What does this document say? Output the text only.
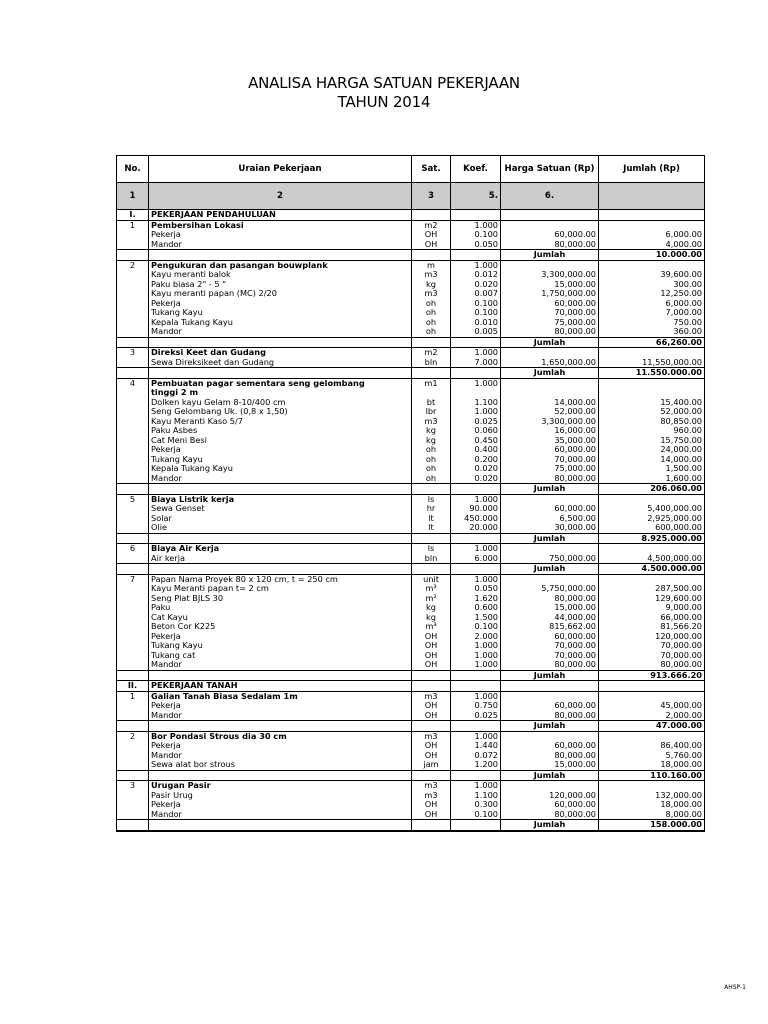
ANALISA HARGA SATUAN PEKERJAAN
TAHUN 2014
No.	Uraian Pekerjaan	Sat.	Koef.	Harga Satuan (Rp)	Jumlah (Rp)
1	2	3	5.	6.	
I.	PEKERJAAN PENDAHULUAN				
1	Pembersihan Lokasi	m2	1.000		
	Pekerja	OH	0.100	60,000.00	6,000.00
	Mandor	OH	0.050	80,000.00	4,000.00
				Jumlah	10.000.00
2	Pengukuran dan pasangan bouwplank	m	1.000		
	Kayu meranti balok	m3	0.012	3,300,000.00	39,600.00
	Paku biasa 2" - 5 "	kg	0.020	15,000.00	300.00
	Kayu meranti papan (MC) 2/20	m3	0.007	1,750,000.00	12,250.00
	Pekerja	oh	0.100	60,000.00	6,000.00
	Tukang Kayu	oh	0.100	70,000.00	7,000.00
	Kepala Tukang Kayu	oh	0.010	75,000.00	750.00
	Mandor	oh	0.005	80,000.00	360.00
				Jumlah	66,260.00
3	Direksi Keet dan Gudang	m2	1.000		
	Sewa Direksikeet dan Gudang	bln	7.000	1,650,000.00	11,550,000.00
				Jumlah	11.550.000.00
4	Pembuatan pagar sementara seng gelombang	m1	1.000		
	tinggi 2 m				
	Dolken kayu Gelam 8-10/400 cm	bt	1.100	14,000.00	15,400.00
	Seng Gelombang Uk. (0,8 x 1,50)	lbr	1.000	52,000.00	52,000.00
	Kayu Meranti Kaso 5/7	m3	0.025	3,300,000.00	80,850.00
	Paku Asbes	kg	0.060	16,000.00	960.00
	Cat Meni Besi	kg	0.450	35,000.00	15,750.00
	Pekerja	oh	0.400	60,000.00	24,000.00
	Tukang Kayu	oh	0.200	70,000.00	14,000.00
	Kepala Tukang Kayu	oh	0.020	75,000.00	1,500.00
	Mandor	oh	0.020	80,000.00	1,600.00
				Jumlah	206.060.00
5	Biaya Listrik kerja	ls	1.000		
	Sewa Genset	hr	90.000	60,000.00	5,400,000.00
	Solar	lt	450.000	6,500.00	2,925,000.00
	Olie	lt	20.000	30,000.00	600,000.00
				Jumlah	8.925.000.00
6	Biaya Air Kerja	ls	1.000		
	Air kerja	bln	6.000	750,000.00	4,500,000.00
				Jumlah	4.500.000.00
7	Papan Nama Proyek 80 x 120 cm, t = 250 cm	unit	1.000		
	Kayu Meranti papan t= 2 cm	m³	0.050	5,750,000.00	287,500.00
	Seng Plat BJLS 30	m²	1.620	80,000.00	129,600.00
	Paku	kg	0.600	15,000.00	9,000.00
	Cat Kayu	kg	1.500	44,000.00	66,000.00
	Beton Cor K225	m³	0.100	815,662.00	81,566.20
	Pekerja	OH	2.000	60,000.00	120,000.00
	Tukang Kayu	OH	1.000	70,000.00	70,000.00
	Tukang cat	OH	1.000	70,000.00	70,000.00
	Mandor	OH	1.000	80,000.00	80,000.00
				Jumlah	913.666.20
II.	PEKERJAAN TANAH				
1	Galian Tanah Biasa Sedalam 1m	m3	1.000		
	Pekerja	OH	0.750	60,000.00	45,000.00
	Mandor	OH	0.025	80,000.00	2,000.00
				Jumlah	47.000.00
2	Bor Pondasi Strous dia 30 cm	m3	1.000		
	Pekerja	OH	1.440	60,000.00	86,400.00
	Mandor	OH	0.072	80,000.00	5,760.00
	Sewa alat bor strous	jam	1.200	15,000.00	18,000.00
				Jumlah	110.160.00
3	Urugan Pasir	m3	1.000		
	Pasir Urug	m3	1.100	120,000.00	132,000.00
	Pekerja	OH	0.300	60,000.00	18,000.00
	Mandor	OH	0.100	80,000.00	8,000.00
				Jumlah	158.000.00
AHSP-1
